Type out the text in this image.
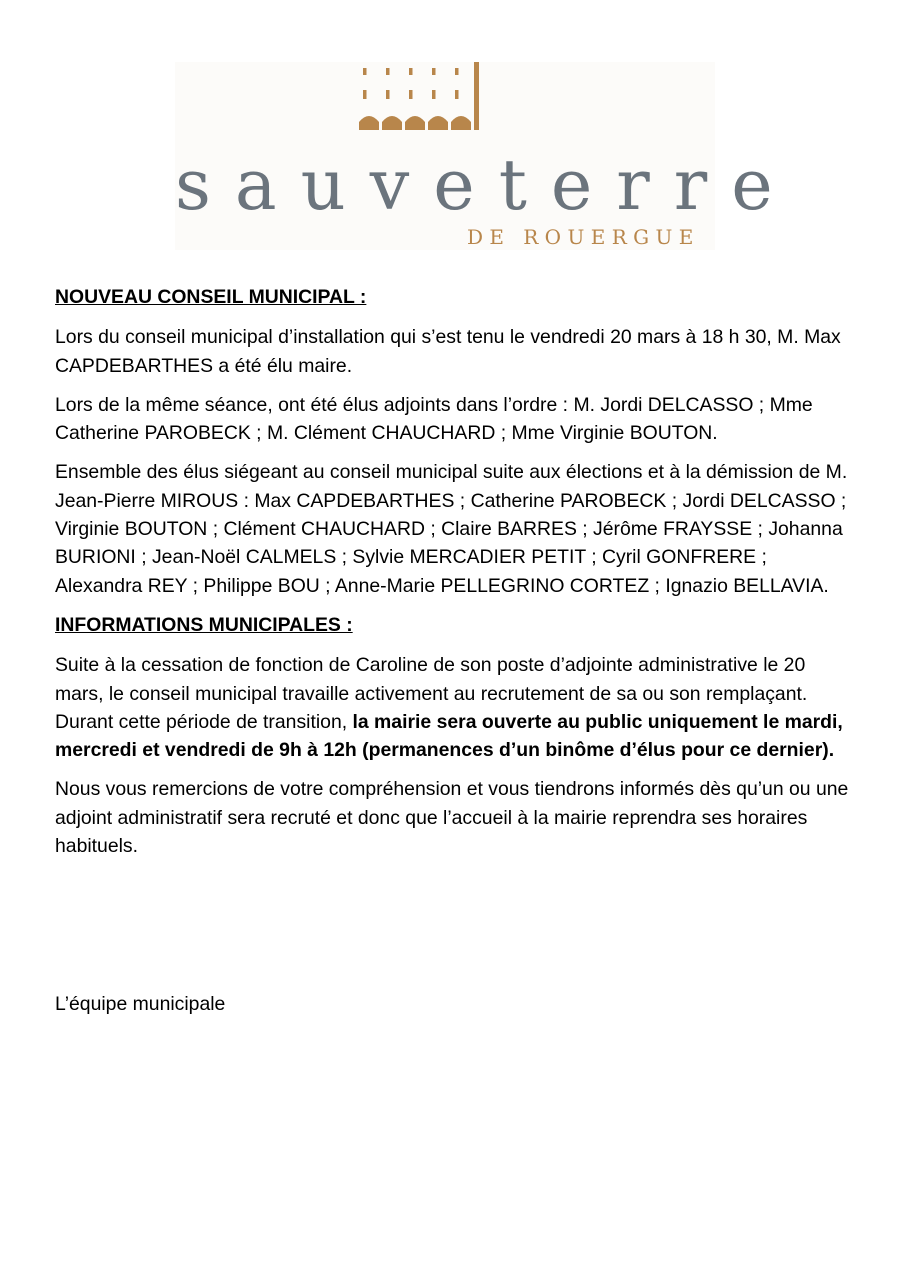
sauveterre
DE ROUERGUE
NOUVEAU CONSEIL MUNICIPAL :
Lors du conseil municipal d’installation qui s’est tenu le vendredi 20 mars à 18 h 30, M. Max CAPDEBARTHES a été élu maire.
Lors de la même séance, ont été élus adjoints dans l’ordre : M. Jordi DELCASSO ; Mme Catherine PAROBECK ; M. Clément CHAUCHARD ; Mme Virginie BOUTON.
Ensemble des élus siégeant au conseil municipal suite aux élections et à la démission de M. Jean-Pierre MIROUS : Max CAPDEBARTHES ; Catherine PAROBECK ; Jordi DELCASSO ; Virginie BOUTON ; Clément CHAUCHARD ; Claire BARRES ; Jérôme FRAYSSE ; Johanna BURIONI ; Jean-Noël CALMELS ; Sylvie MERCADIER PETIT ; Cyril GONFRERE ; Alexandra REY ; Philippe BOU ; Anne-Marie PELLEGRINO CORTEZ ; Ignazio BELLAVIA.
INFORMATIONS MUNICIPALES :
Suite à la cessation de fonction de Caroline de son poste d’adjointe administrative le 20 mars, le conseil municipal travaille activement au recrutement de sa ou son remplaçant. Durant cette période de transition, la mairie sera ouverte au public uniquement le mardi, mercredi et vendredi de 9h à 12h (permanences d’un binôme d’élus pour ce dernier).
Nous vous remercions de votre compréhension et vous tiendrons informés dès qu’un ou une adjoint administratif sera recruté et donc que l’accueil à la mairie reprendra ses horaires habituels.
L’équipe municipale
